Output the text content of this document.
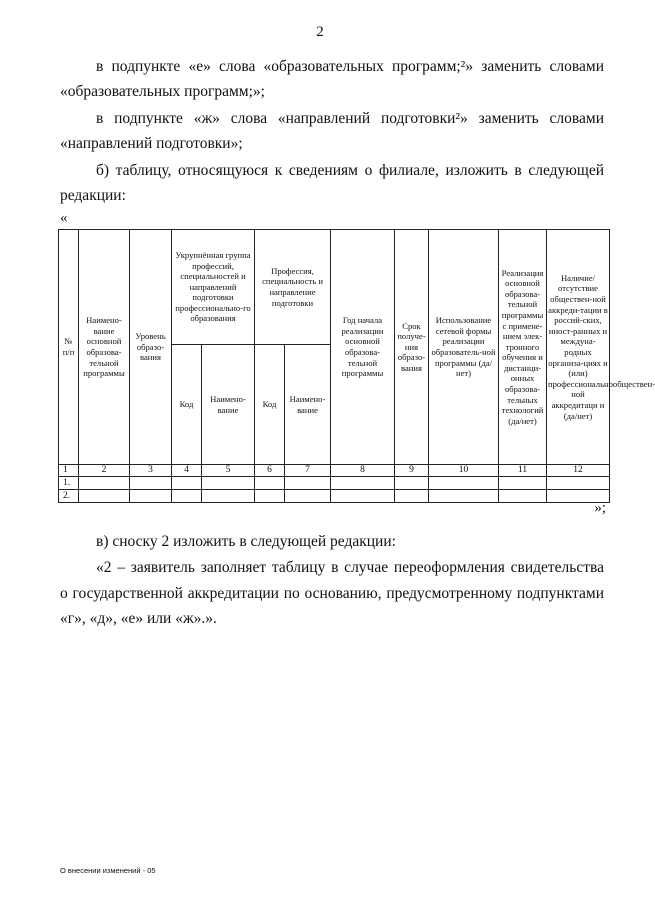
2
в подпункте «е» слова «образовательных программ;²» заменить словами
«образовательных программ;»;
в подпункте «ж» слова «направлений подготовки²» заменить словами
«направлений подготовки»;
б) таблицу, относящуюся к сведениям о филиале, изложить в следующей
редакции:
«
№ п/п	Наимено-вание основной образова-тельной программы	Уровень образо-вания	Укрупнённая группа профессий, специальностей и направлений подготовки профессионально-го образования		Профессия, специальность и направление подготовки		Год начала реализации основной образова-тельной программы	Срок получе-ния образо-вания	Использование сетевой формы реализации образователь-ной программы (да/нет)	Реализация основной образова-тельной программы с примене-нием элек-тронного обучения и дистанци-онных образова-тельных технологий (да/нет)	Наличие/ отсутствие обществен-ной аккреди-тации в россий-ских, иност-ранных и междуна-родных организа-циях и (или) профессиональнообществен-ной аккредитаци и (да/нет)
			Код	Наимено-вание	Код	Наимено-вание					
1	2	3	4	5	6	7	8	9	10	11	12
1.											
2.											
»;
в) сноску 2 изложить в следующей редакции:
«2 – заявитель заполняет таблицу в случае переоформления свидетельства
о государственной аккредитации по основанию, предусмотренному подпунктами
«г», «д», «е» или «ж».».
О внесении изменений - 05
